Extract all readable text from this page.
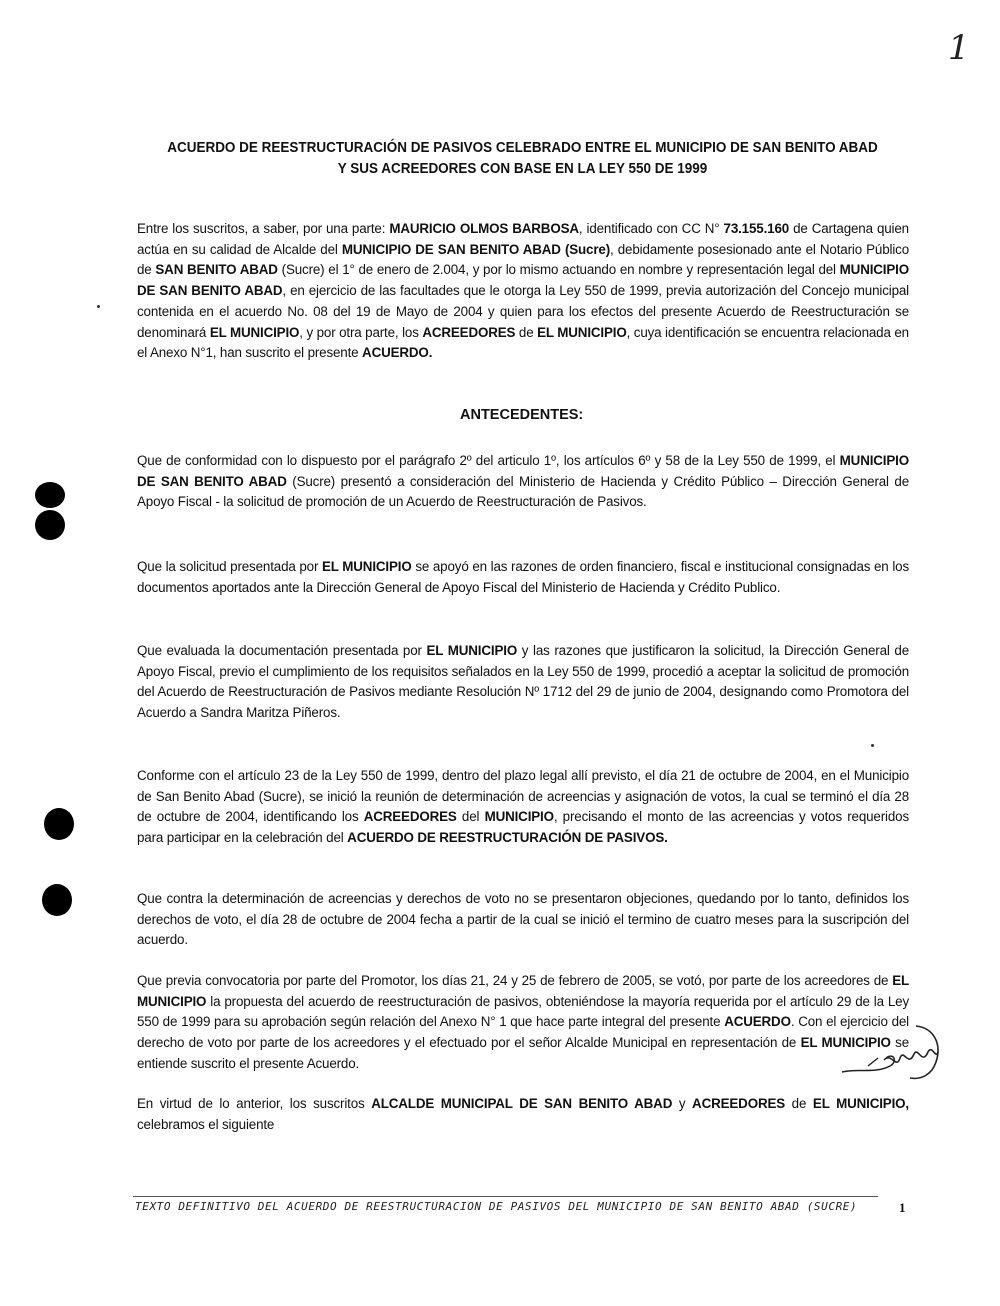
1
ACUERDO DE REESTRUCTURACIÓN DE PASIVOS CELEBRADO ENTRE EL MUNICIPIO DE SAN BENITO ABAD Y SUS ACREEDORES CON BASE EN LA LEY 550 DE 1999
Entre los suscritos, a saber, por una parte: MAURICIO OLMOS BARBOSA, identificado con CC N° 73.155.160 de Cartagena quien actúa en su calidad de Alcalde del MUNICIPIO DE SAN BENITO ABAD (Sucre), debidamente posesionado ante el Notario Público de SAN BENITO ABAD (Sucre) el 1° de enero de 2.004, y por lo mismo actuando en nombre y representación legal del MUNICIPIO DE SAN BENITO ABAD, en ejercicio de las facultades que le otorga la Ley 550 de 1999, previa autorización del Concejo municipal contenida en el acuerdo No. 08 del 19 de Mayo de 2004 y quien para los efectos del presente Acuerdo de Reestructuración se denominará EL MUNICIPIO, y por otra parte, los ACREEDORES de EL MUNICIPIO, cuya identificación se encuentra relacionada en el Anexo N°1, han suscrito el presente ACUERDO.
ANTECEDENTES:
Que de conformidad con lo dispuesto por el parágrafo 2º del articulo 1º, los artículos 6º y 58 de la Ley 550 de 1999, el MUNICIPIO DE SAN BENITO ABAD (Sucre) presentó a consideración del Ministerio de Hacienda y Crédito Público – Dirección General de Apoyo Fiscal - la solicitud de promoción de un Acuerdo de Reestructuración de Pasivos.
Que la solicitud presentada por EL MUNICIPIO se apoyó en las razones de orden financiero, fiscal e institucional consignadas en los documentos aportados ante la Dirección General de Apoyo Fiscal del Ministerio de Hacienda y Crédito Publico.
Que evaluada la documentación presentada por EL MUNICIPIO y las razones que justificaron la solicitud, la Dirección General de Apoyo Fiscal, previo el cumplimiento de los requisitos señalados en la Ley 550 de 1999, procedió a aceptar la solicitud de promoción del Acuerdo de Reestructuración de Pasivos mediante Resolución Nº 1712 del 29 de junio de 2004, designando como Promotora del Acuerdo a Sandra Maritza Piñeros.
Conforme con el artículo 23 de la Ley 550 de 1999, dentro del plazo legal allí previsto, el día 21 de octubre de 2004, en el Municipio de San Benito Abad (Sucre), se inició la reunión de determinación de acreencias y asignación de votos, la cual se terminó el día 28 de octubre de 2004, identificando los ACREEDORES del MUNICIPIO, precisando el monto de las acreencias y votos requeridos para participar en la celebración del ACUERDO DE REESTRUCTURACIÓN DE PASIVOS.
Que contra la determinación de acreencias y derechos de voto no se presentaron objeciones, quedando por lo tanto, definidos los derechos de voto, el día 28 de octubre de 2004 fecha a partir de la cual se inició el termino de cuatro meses para la suscripción del acuerdo.
Que previa convocatoria por parte del Promotor, los días 21, 24 y 25 de febrero de 2005, se votó, por parte de los acreedores de EL MUNICIPIO la propuesta del acuerdo de reestructuración de pasivos, obteniéndose la mayoría requerida por el artículo 29 de la Ley 550 de 1999 para su aprobación según relación del Anexo N° 1 que hace parte integral del presente ACUERDO. Con el ejercicio del derecho de voto por parte de los acreedores y el efectuado por el señor Alcalde Municipal en representación de EL MUNICIPIO se entiende suscrito el presente Acuerdo.
En virtud de lo anterior, los suscritos ALCALDE MUNICIPAL DE SAN BENITO ABAD y ACREEDORES de EL MUNICIPIO, celebramos el siguiente
TEXTO DEFINITIVO DEL ACUERDO DE REESTRUCTURACION DE PASIVOS DEL MUNICIPIO DE SAN BENITO ABAD (SUCRE)	1
